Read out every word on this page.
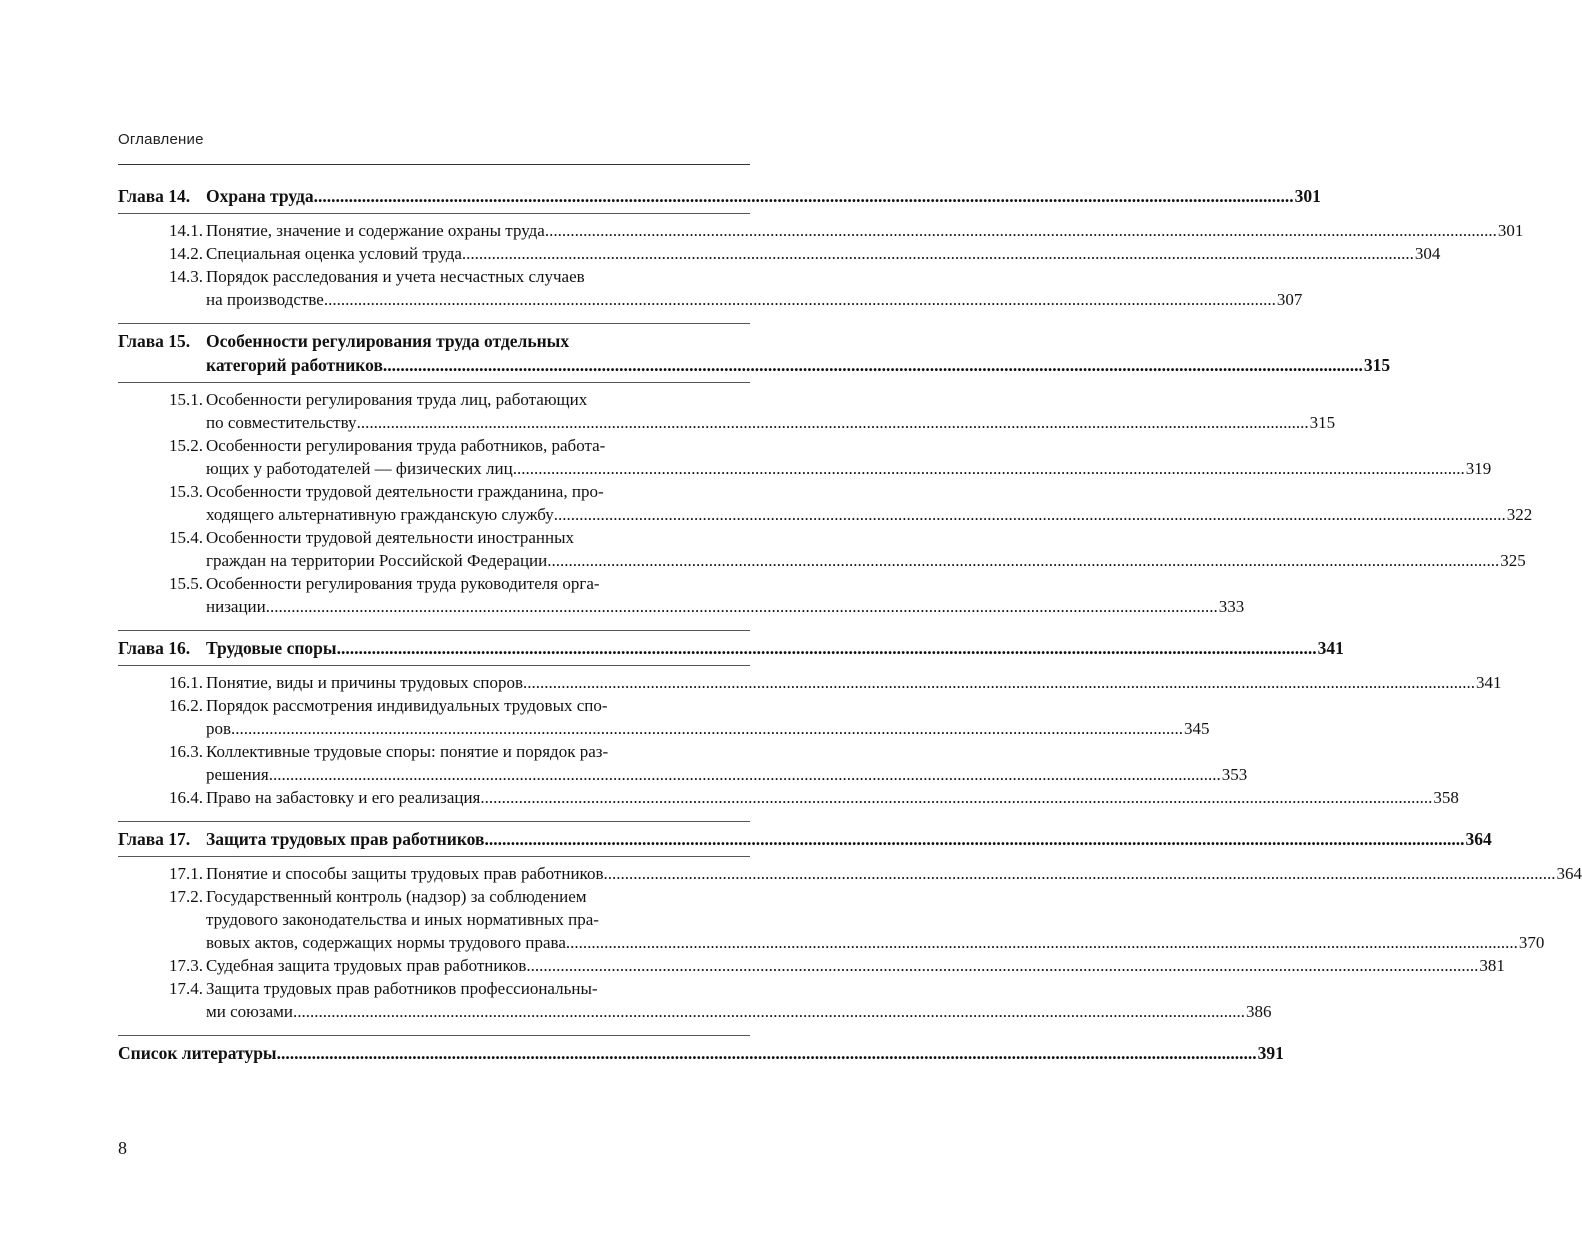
Оглавление
Глава 14. Охрана труда .....	301
14.1. Понятие, значение и содержание охраны труда .....	301
14.2. Специальная оценка условий труда .....	304
14.3. Порядок расследования и учета несчастных случаев
на производстве .....	307
Глава 15. Особенности регулирования труда отдельных
категорий работников .....	315
15.1. Особенности регулирования труда лиц, работающих
по совместительству .....	315
15.2. Особенности регулирования труда работников, работа-
ющих у работодателей — физических лиц .....	319
15.3. Особенности трудовой деятельности гражданина, про-
ходящего альтернативную гражданскую службу .....	322
15.4. Особенности трудовой деятельности иностранных
граждан на территории Российской Федерации .....	325
15.5. Особенности регулирования труда руководителя орга-
низации .....	333
Глава 16. Трудовые споры .....	341
16.1. Понятие, виды и причины трудовых споров .....	341
16.2. Порядок рассмотрения индивидуальных трудовых спо-
ров .....	345
16.3. Коллективные трудовые споры: понятие и порядок раз-
решения .....	353
16.4. Право на забастовку и его реализация .....	358
Глава 17. Защита трудовых прав работников .....	364
17.1. Понятие и способы защиты трудовых прав работников .....	364
17.2. Государственный контроль (надзор) за соблюдением
трудового законодательства и иных нормативных пра-
вовых актов, содержащих нормы трудового права .....	370
17.3. Судебная защита трудовых прав работников .....	381
17.4. Защита трудовых прав работников профессиональны-
ми союзами .....	386
Список литературы .....	391
8
